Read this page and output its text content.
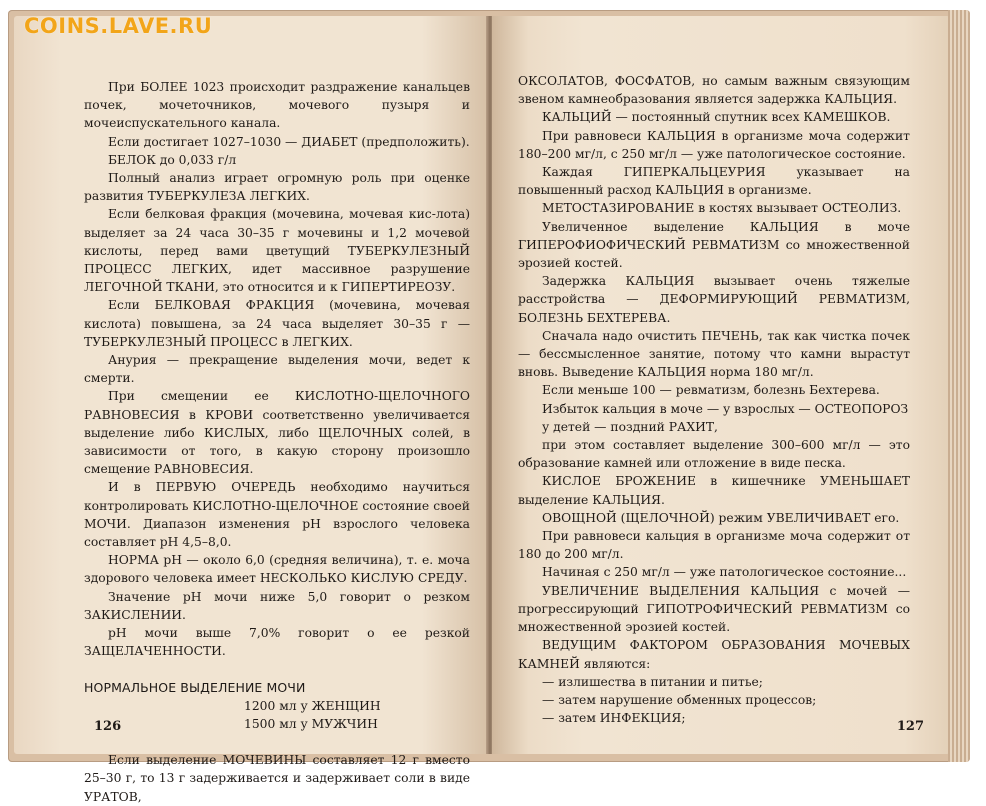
При БОЛЕЕ 1023 происходит раздражение канальцев почек, мочеточников, мочевого пузыря и мочеиспускательного канала.

Если достигает 1027–1030 — ДИАБЕТ (предположить).

БЕЛОК до 0,033 г/л

Полный анализ играет огромную роль при оценке развития ТУБЕРКУЛЕЗА ЛЕГКИХ.

Если белковая фракция (мочевина, мочевая кис-лота) выделяет за 24 часа 30–35 г мочевины и 1,2 мочевой кислоты, перед вами цветущий ТУБЕРКУЛЕЗНЫЙ ПРОЦЕСС ЛЕГКИХ, идет массивное разрушение ЛЕГОЧНОЙ ТКАНИ, это относится и к ГИПЕРТИРЕОЗУ.

Если БЕЛКОВАЯ ФРАКЦИЯ (мочевина, мочевая кислота) повышена, за 24 часа выделяет 30–35 г — ТУБЕРКУЛЕЗНЫЙ ПРОЦЕСС в ЛЕГКИХ.

Анурия — прекращение выделения мочи, ведет к смерти.

При смещении ее КИСЛОТНО-ЩЕЛОЧНОГО РАВНОВЕСИЯ в КРОВИ соответственно увеличивается выделение либо КИСЛЫХ, либо ЩЕЛОЧНЫХ солей, в зависимости от того, в какую сторону произошло смещение РАВНОВЕСИЯ.

И в ПЕРВУЮ ОЧЕРЕДЬ необходимо научиться контролировать КИСЛОТНО-ЩЕЛОЧНОЕ состояние своей МОЧИ. Диапазон изменения рН взрослого человека составляет рН 4,5–8,0.

НОРМА рН — около 6,0 (средняя величина), т. е. моча здорового человека имеет НЕСКОЛЬКО КИСЛУЮ СРЕДУ.

Значение рН мочи ниже 5,0 говорит о резком ЗАКИСЛЕНИИ.

рН мочи выше 7,0% говорит о ее резкой ЗАЩЕЛАЧЕННОСТИ.

НОРМАЛЬНОЕ ВЫДЕЛЕНИЕ МОЧИ

1200 мл у ЖЕНЩИН

1500 мл у МУЖЧИН

Если выделение МОЧЕВИНЫ составляет 12 г вместо 25–30 г, то 13 г задерживается и задерживает соли в виде УРАТОВ,

126

ОКСОЛАТОВ, ФОСФАТОВ, но самым важным связующим звеном камнеобразования является задержка КАЛЬЦИЯ.

КАЛЬЦИЙ — постоянный спутник всех КАМЕШКОВ.

При равновеси КАЛЬЦИЯ в организме моча содержит 180–200 мг/л, с 250 мг/л — уже патологическое состояние.

Каждая ГИПЕРКАЛЬЦЕУРИЯ указывает на повышенный расход КАЛЬЦИЯ в организме.

МЕТОСТАЗИРОВАНИЕ в костях вызывает ОСТЕОЛИЗ.

Увеличенное выделение КАЛЬЦИЯ в моче ГИПЕРОФИОФИЧЕСКИЙ РЕВМАТИЗМ со множественной эрозией костей.

Задержка КАЛЬЦИЯ вызывает очень тяжелые расстройства — ДЕФОРМИРУЮЩИЙ РЕВМАТИЗМ, БОЛЕЗНЬ БЕХТЕРЕВА.

Сначала надо очистить ПЕЧЕНЬ, так как чистка почек — бессмысленное занятие, потому что камни вырастут вновь. Выведение КАЛЬЦИЯ норма 180 мг/л.

Если меньше 100 — ревматизм, болезнь Бехтерева.

Избыток кальция в моче — у взрослых — ОСТЕОПОРОЗ

у детей — поздний РАХИТ,

при этом составляет выделение 300–600 мг/л — это образование камней или отложение в виде песка.

КИСЛОЕ БРОЖЕНИЕ в кишечнике УМЕНЬШАЕТ выделение КАЛЬЦИЯ.

ОВОЩНОЙ (ЩЕЛОЧНОЙ) режим УВЕЛИЧИВАЕТ его.

При равновеси кальция в организме моча содержит от 180 до 200 мг/л.

Начиная с 250 мг/л — уже патологическое состояние...

УВЕЛИЧЕНИЕ ВЫДЕЛЕНИЯ КАЛЬЦИЯ с мочей — прогрессирующий ГИПОТРОФИЧЕСКИЙ РЕВМАТИЗМ со множественной эрозией костей.

ВЕДУЩИМ ФАКТОРОМ ОБРАЗОВАНИЯ МОЧЕВЫХ КАМНЕЙ являются:

— излишества в питании и питье;

— затем нарушение обменных процессов;

— затем ИНФЕКЦИЯ;

127
COINS.LAVE.RU
